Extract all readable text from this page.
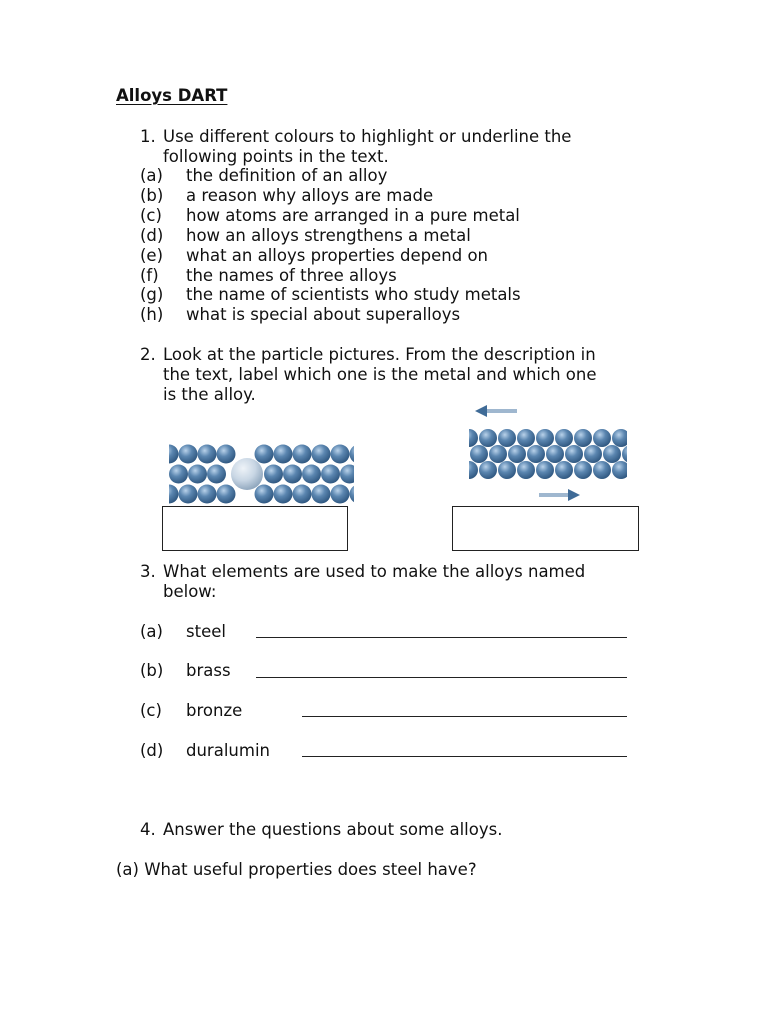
Alloys DART
1. Use different colours to highlight or underline the
following points in the text.
(a) the definition of an alloy
(b) a reason why alloys are made
(c) how atoms are arranged in a pure metal
(d) how an alloys strengthens a metal
(e) what an alloys properties depend on
(f) the names of three alloys
(g) the name of scientists who study metals
(h) what is special about superalloys
2. Look at the particle pictures. From the description in
the text, label which one is the metal and which one
is the alloy.
3. What elements are used to make the alloys named
below:
(a) steel
(b) brass
(c) bronze
(d) duralumin
4. Answer the questions about some alloys.
(a) What useful properties does steel have?
